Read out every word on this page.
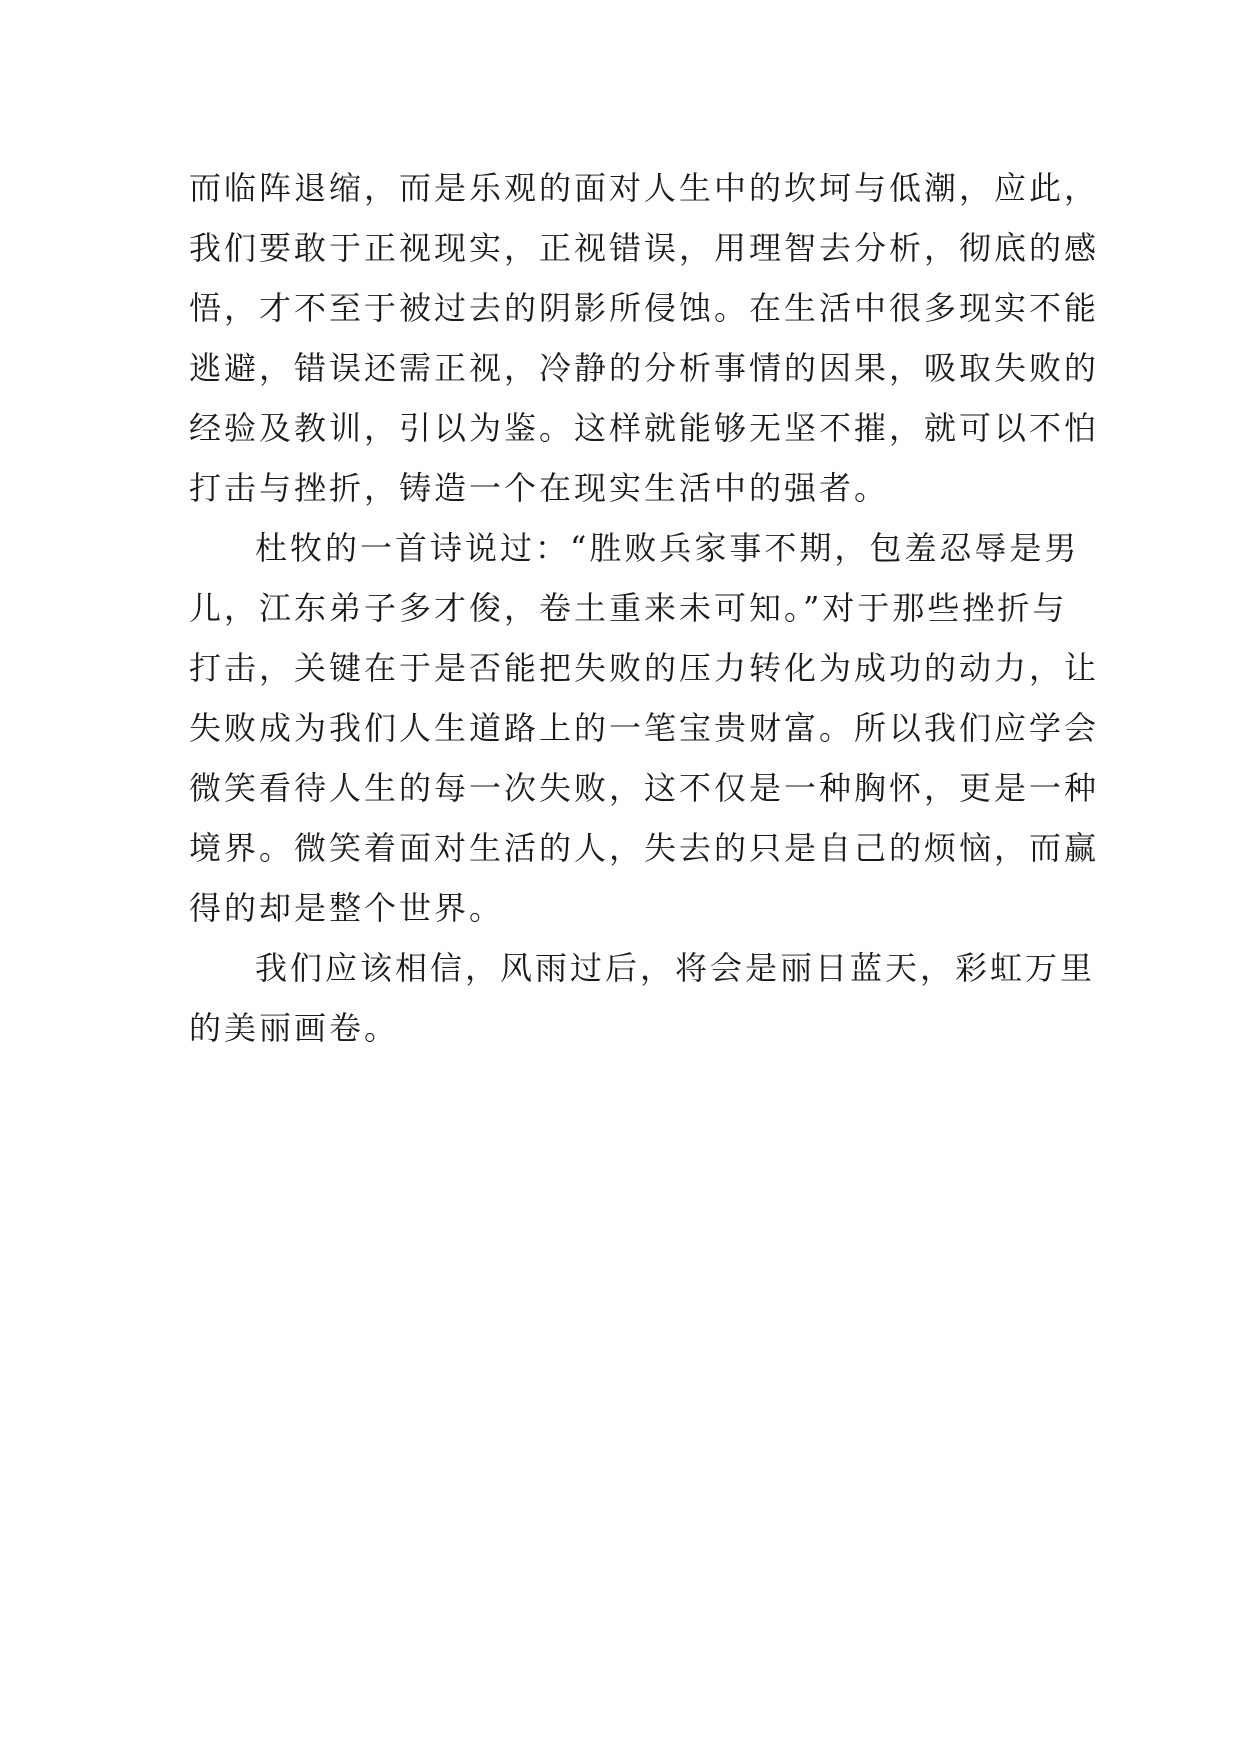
而临阵退缩，而是乐观的面对人生中的坎坷与低潮，应此，
我们要敢于正视现实，正视错误，用理智去分析，彻底的感
悟，才不至于被过去的阴影所侵蚀。在生活中很多现实不能
逃避，错误还需正视，冷静的分析事情的因果，吸取失败的
经验及教训，引以为鉴。这样就能够无坚不摧，就可以不怕
打击与挫折，铸造一个在现实生活中的强者。
杜牧的一首诗说过：“胜败兵家事不期，包羞忍辱是男
儿，江东弟子多才俊，卷土重来未可知。”对于那些挫折与
打击，关键在于是否能把失败的压力转化为成功的动力，让
失败成为我们人生道路上的一笔宝贵财富。所以我们应学会
微笑看待人生的每一次失败，这不仅是一种胸怀，更是一种
境界。微笑着面对生活的人，失去的只是自己的烦恼，而赢
得的却是整个世界。
我们应该相信，风雨过后，将会是丽日蓝天，彩虹万里
的美丽画卷。
